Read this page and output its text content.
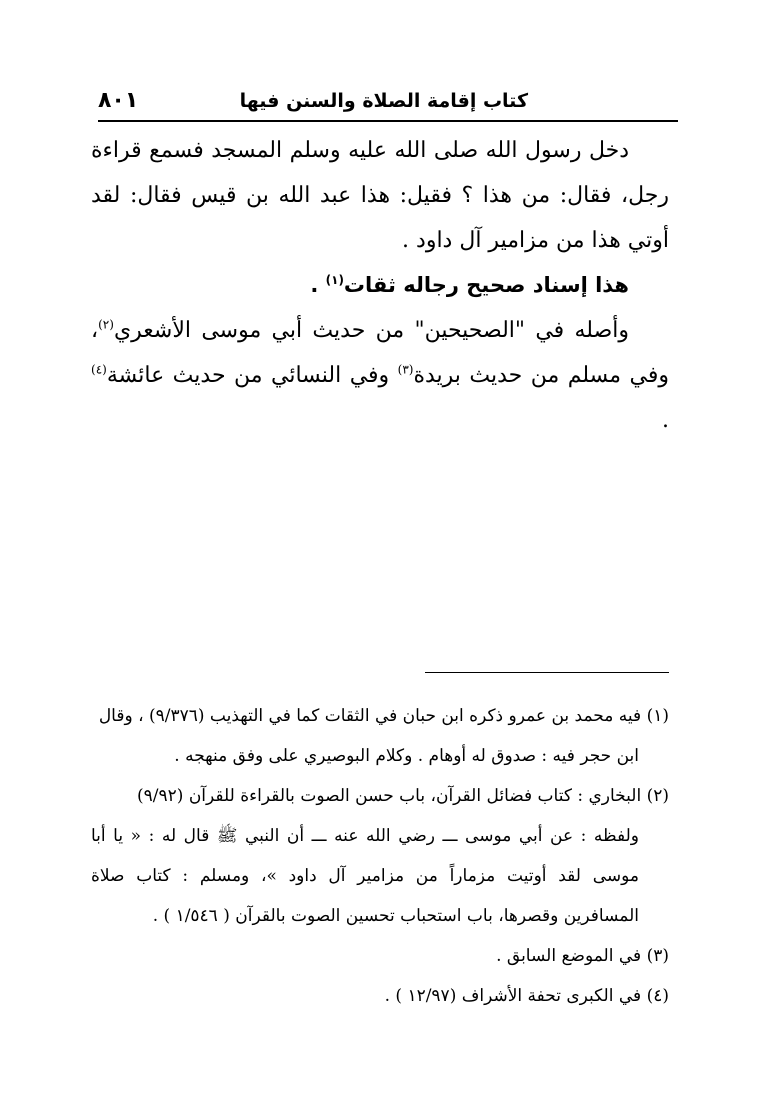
كتاب إقامة الصلاة والسنن فيها
٨٠١

دخل رسول الله صلى الله عليه وسلم المسجد فسمع قراءة رجل، فقال: من هذا ؟ فقيل: هذا عبد الله بن قيس فقال: لقد أوتي هذا من مزامير آل داود .

هذا إسناد صحيح رجاله ثقات$^{(١)}$ .

وأصله في "الصحيحين" من حديث أبي موسى الأشعري$^{(٢)}$، وفي مسلم من حديث بريدة$^{(٣)}$ وفي النسائي من حديث عائشة$^{(٤)}$ .

(١) فيه محمد بن عمرو ذكره ابن حبان في الثقات كما في التهذيب (٩/٣٧٦) ، وقال

ابن حجر فيه : صدوق له أوهام . وكلام البوصيري على وفق منهجه .

(٢) البخاري : كتاب فضائل القرآن، باب حسن الصوت بالقراءة للقرآن (٩/٩٢)

ولفظه : عن أبي موسى ـــ رضي الله عنه ـــ أن النبي ﷺ قال له : « يا أبا موسى لقد أوتيت مزماراً من مزامير آل داود »، ومسلم : كتاب صلاة المسافرين وقصرها، باب استحباب تحسين الصوت بالقرآن ( ١/٥٤٦ ) .

(٣) في الموضع السابق .

(٤) في الكبرى تحفة الأشراف (١٢/٩٧ ) .
